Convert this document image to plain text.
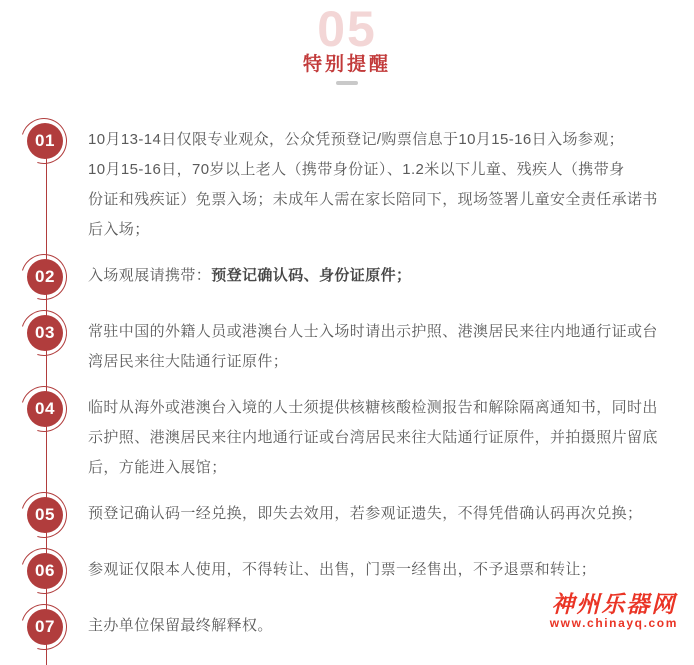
05
特别提醒
01	10月13-14日仅限专业观众，公众凭预登记/购票信息于10月15-16日入场参观；
10月15-16日，70岁以上老人（携带身份证）、1.2米以下儿童、残疾人（携带身
份证和残疾证）免票入场；未成年人需在家长陪同下，现场签署儿童安全责任承诺书
后入场；
02	入场观展请携带：预登记确认码、身份证原件；
03	常驻中国的外籍人员或港澳台人士入场时请出示护照、港澳居民来往内地通行证或台
湾居民来往大陆通行证原件；
04	临时从海外或港澳台入境的人士须提供核糖核酸检测报告和解除隔离通知书，同时出
示护照、港澳居民来往内地通行证或台湾居民来往大陆通行证原件，并拍摄照片留底
后，方能进入展馆；
05	预登记确认码一经兑换，即失去效用，若参观证遗失，不得凭借确认码再次兑换；
06	参观证仅限本人使用，不得转让、出售，门票一经售出，不予退票和转让；
07	主办单位保留最终解释权。
神州乐器网
www.chinayq.com
